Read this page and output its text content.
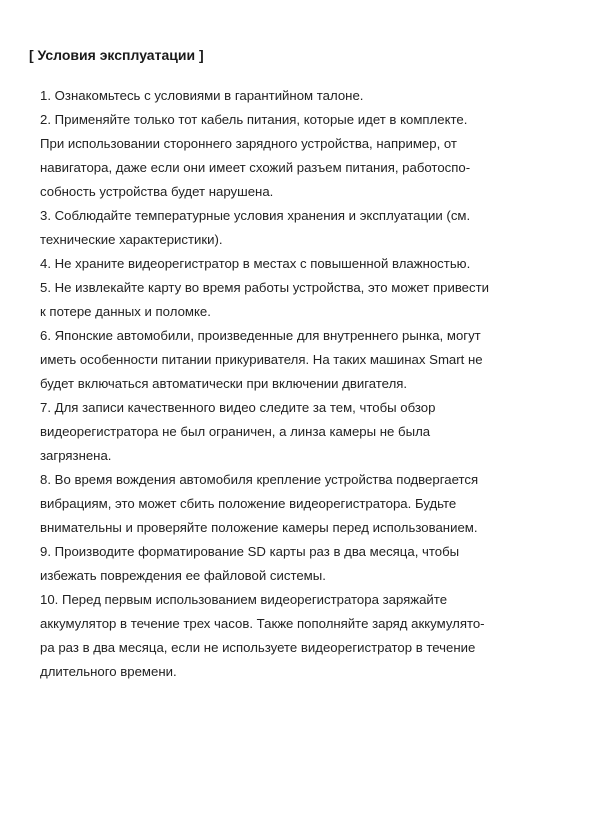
[ Условия эксплуатации ]
1. Ознакомьтесь с условиями в гарантийном талоне.
2. Применяйте только тот кабель питания, которые идет в комплекте.
При использовании стороннего зарядного устройства, например, от
навигатора, даже если они имеет схожий разъем питания, работоспо-
собность устройства будет нарушена.
3. Соблюдайте температурные условия хранения и эксплуатации (см.
технические характеристики).
4. Не храните видеорегистратор в местах с повышенной влажностью.
5. Не извлекайте карту во время работы устройства, это может привести
к потере данных и поломке.
6. Японские автомобили, произведенные для внутреннего рынка, могут
иметь особенности питании прикуривателя. На таких машинах Smart не
будет включаться автоматически при включении двигателя.
7. Для записи качественного видео следите за тем, чтобы обзор
видеорегистратора не был ограничен, а линза камеры не была
загрязнена.
8. Во время вождения автомобиля крепление устройства подвергается
вибрациям, это может сбить положение видеорегистратора. Будьте
внимательны и проверяйте положение камеры перед использованием.
9. Производите форматирование SD карты раз в два месяца, чтобы
избежать повреждения ее файловой системы.
10. Перед первым использованием видеорегистратора заряжайте
аккумулятор в течение трех часов. Также пополняйте заряд аккумулято-
ра раз в два месяца, если не используете видеорегистратор в течение
длительного времени.
